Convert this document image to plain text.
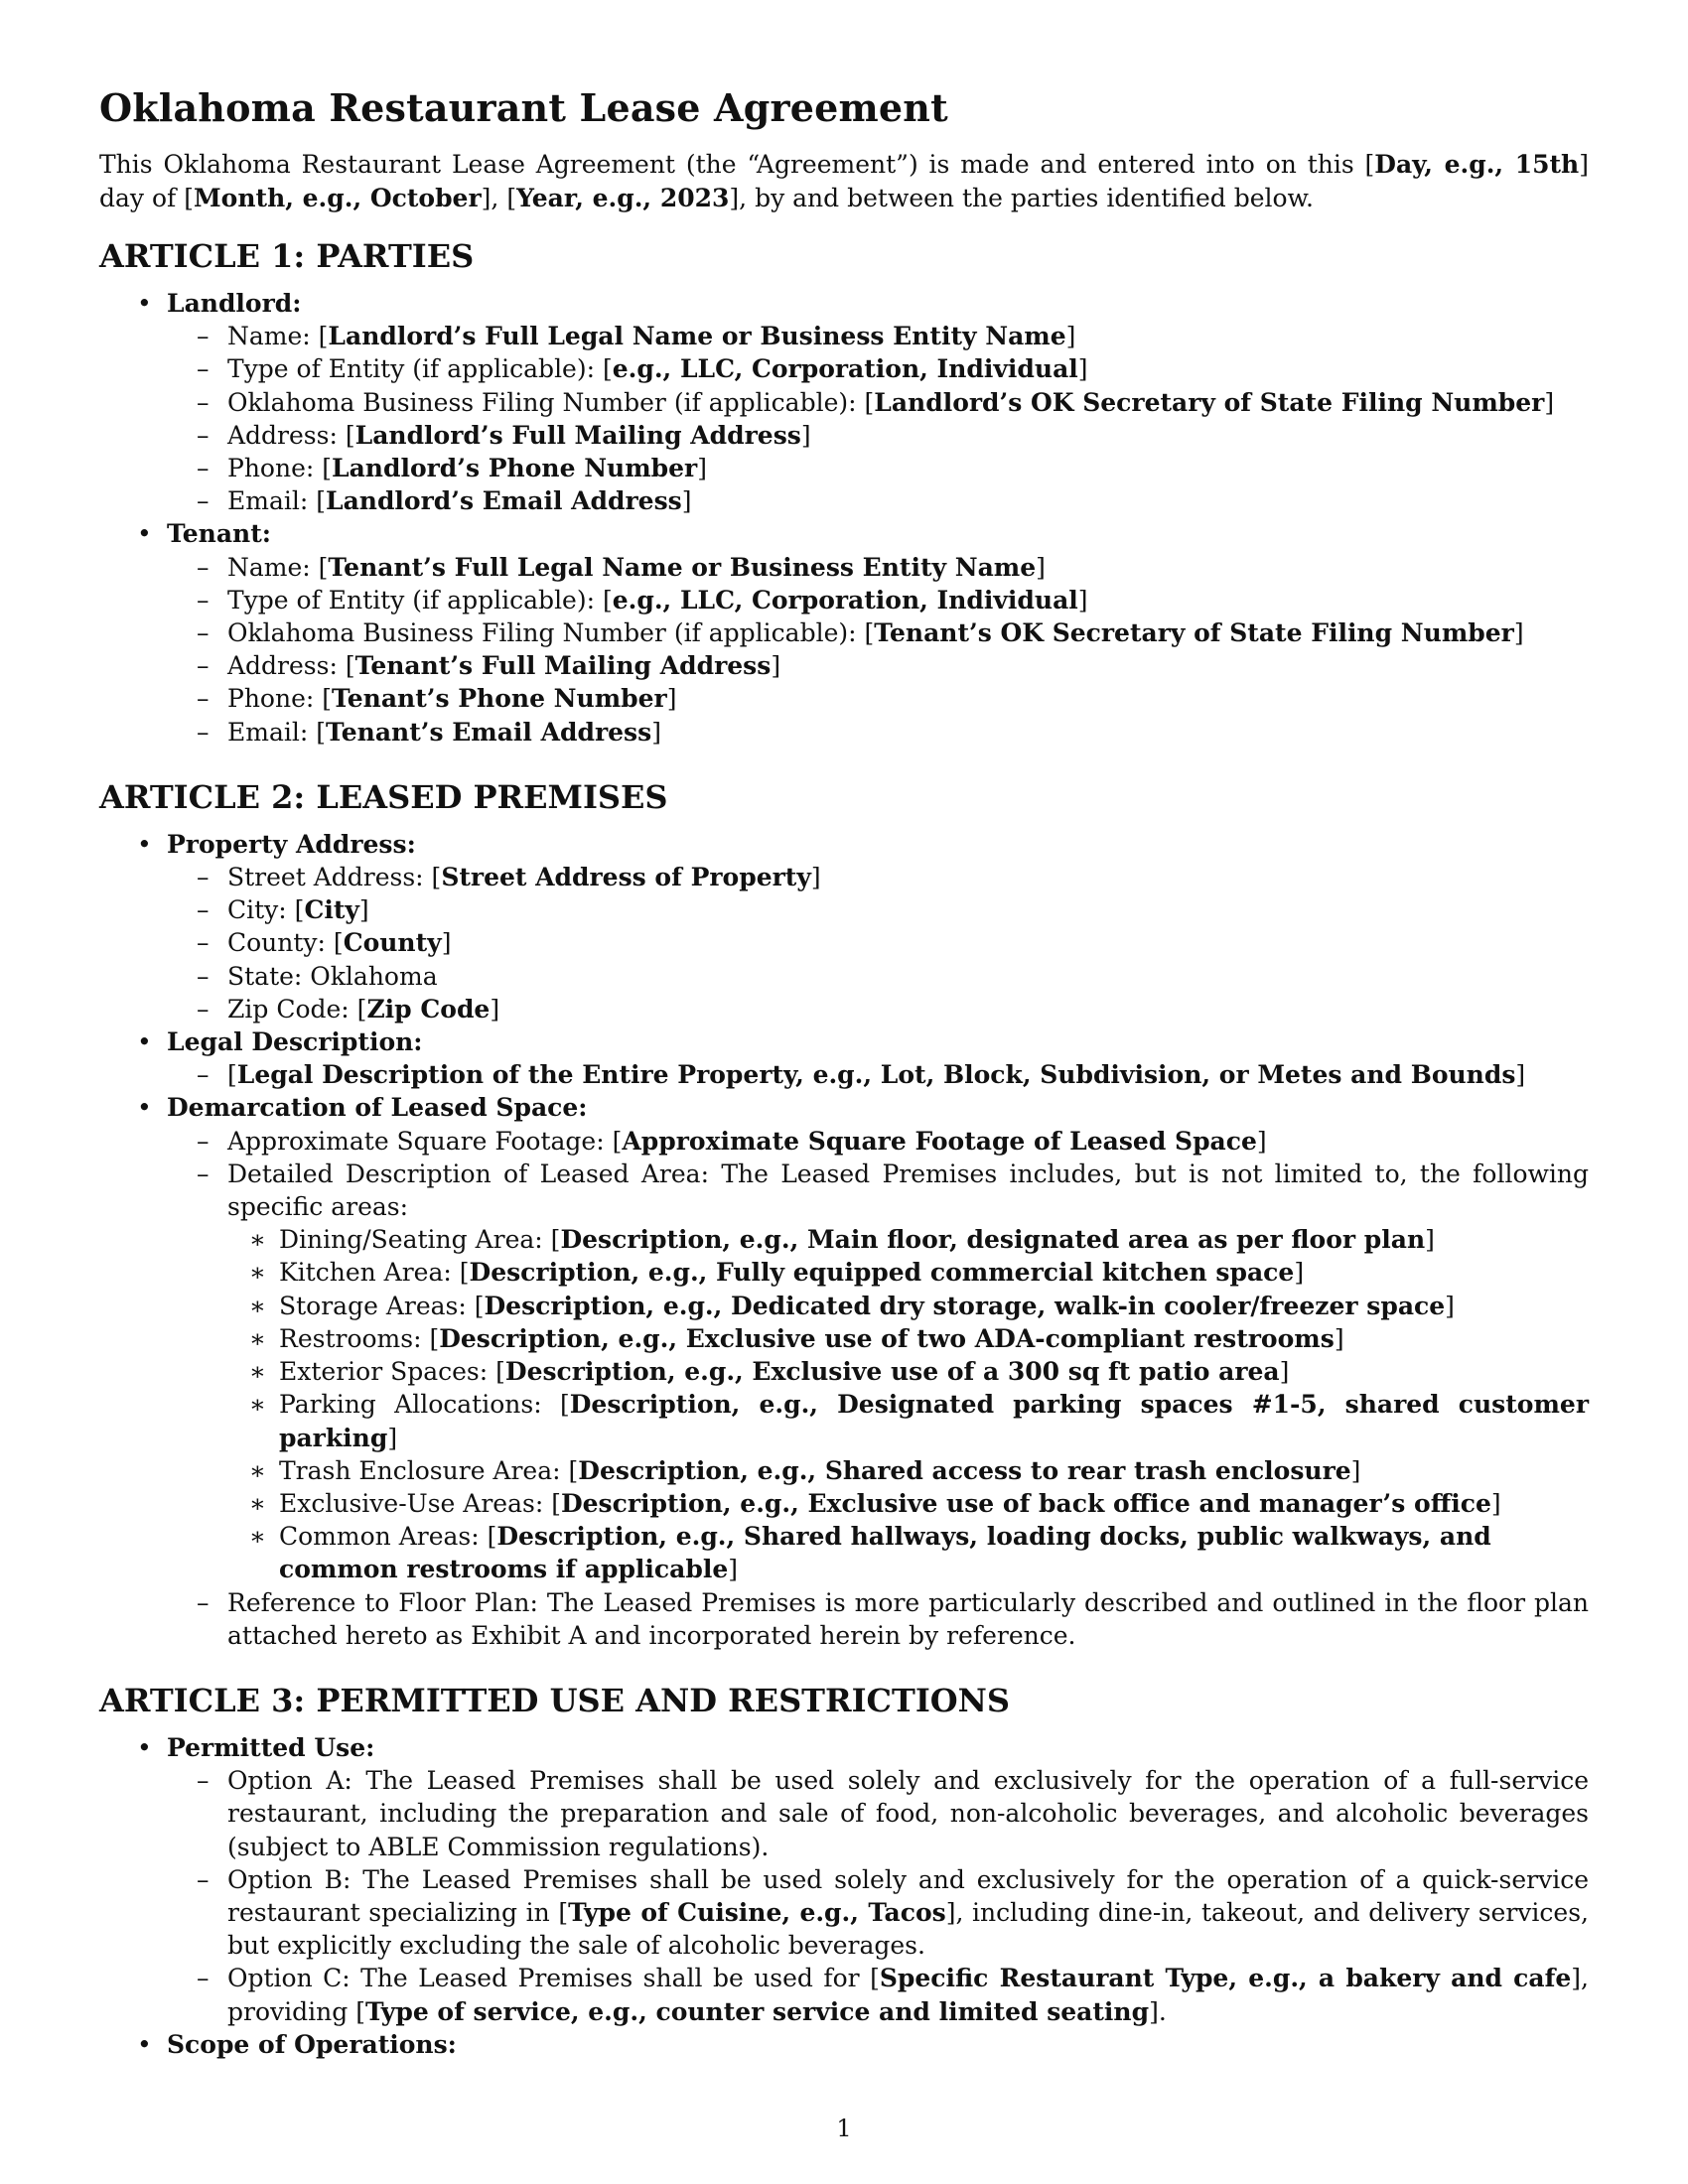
Oklahoma Restaurant Lease Agreement

This Oklahoma Restaurant Lease Agreement (the “Agreement”) is made and entered into on this [Day, e.g., 15th] day of [Month, e.g., October], [Year, e.g., 2023], by and between the parties identified below.

ARTICLE 1: PARTIES
• Landlord:
– Name: [Landlord’s Full Legal Name or Business Entity Name]
– Type of Entity (if applicable): [e.g., LLC, Corporation, Individual]
– Oklahoma Business Filing Number (if applicable): [Landlord’s OK Secretary of State Filing Number]
– Address: [Landlord’s Full Mailing Address]
– Phone: [Landlord’s Phone Number]
– Email: [Landlord’s Email Address]
• Tenant:
– Name: [Tenant’s Full Legal Name or Business Entity Name]
– Type of Entity (if applicable): [e.g., LLC, Corporation, Individual]
– Oklahoma Business Filing Number (if applicable): [Tenant’s OK Secretary of State Filing Number]
– Address: [Tenant’s Full Mailing Address]
– Phone: [Tenant’s Phone Number]
– Email: [Tenant’s Email Address]
ARTICLE 2: LEASED PREMISES
• Property Address:
– Street Address: [Street Address of Property]
– City: [City]
– County: [County]
– State: Oklahoma
– Zip Code: [Zip Code]
• Legal Description:
– [Legal Description of the Entire Property, e.g., Lot, Block, Subdivision, or Metes and Bounds]
• Demarcation of Leased Space:
– Approximate Square Footage: [Approximate Square Footage of Leased Space]
– Detailed Description of Leased Area: The Leased Premises includes, but is not limited to, the following specific areas:
∗ Dining/Seating Area: [Description, e.g., Main floor, designated area as per floor plan]
∗ Kitchen Area: [Description, e.g., Fully equipped commercial kitchen space]
∗ Storage Areas: [Description, e.g., Dedicated dry storage, walk-in cooler/freezer space]
∗ Restrooms: [Description, e.g., Exclusive use of two ADA-compliant restrooms]
∗ Exterior Spaces: [Description, e.g., Exclusive use of a 300 sq ft patio area]
∗ Parking Allocations: [Description, e.g., Designated parking spaces #1-5, shared customer parking]
∗ Trash Enclosure Area: [Description, e.g., Shared access to rear trash enclosure]
∗ Exclusive-Use Areas: [Description, e.g., Exclusive use of back office and manager’s office]
∗ Common Areas: [Description, e.g., Shared hallways, loading docks, public walkways, and common restrooms if applicable]
– Reference to Floor Plan: The Leased Premises is more particularly described and outlined in the floor plan attached hereto as Exhibit A and incorporated herein by reference.
ARTICLE 3: PERMITTED USE AND RESTRICTIONS
• Permitted Use:
– Option A: The Leased Premises shall be used solely and exclusively for the operation of a full-service restaurant, including the preparation and sale of food, non-alcoholic beverages, and alcoholic beverages (subject to ABLE Commission regulations).
– Option B: The Leased Premises shall be used solely and exclusively for the operation of a quick-service restaurant specializing in [Type of Cuisine, e.g., Tacos], including dine-in, takeout, and delivery services, but explicitly excluding the sale of alcoholic beverages.
– Option C: The Leased Premises shall be used for [Specific Restaurant Type, e.g., a bakery and cafe], providing [Type of service, e.g., counter service and limited seating].
• Scope of Operations:
1
